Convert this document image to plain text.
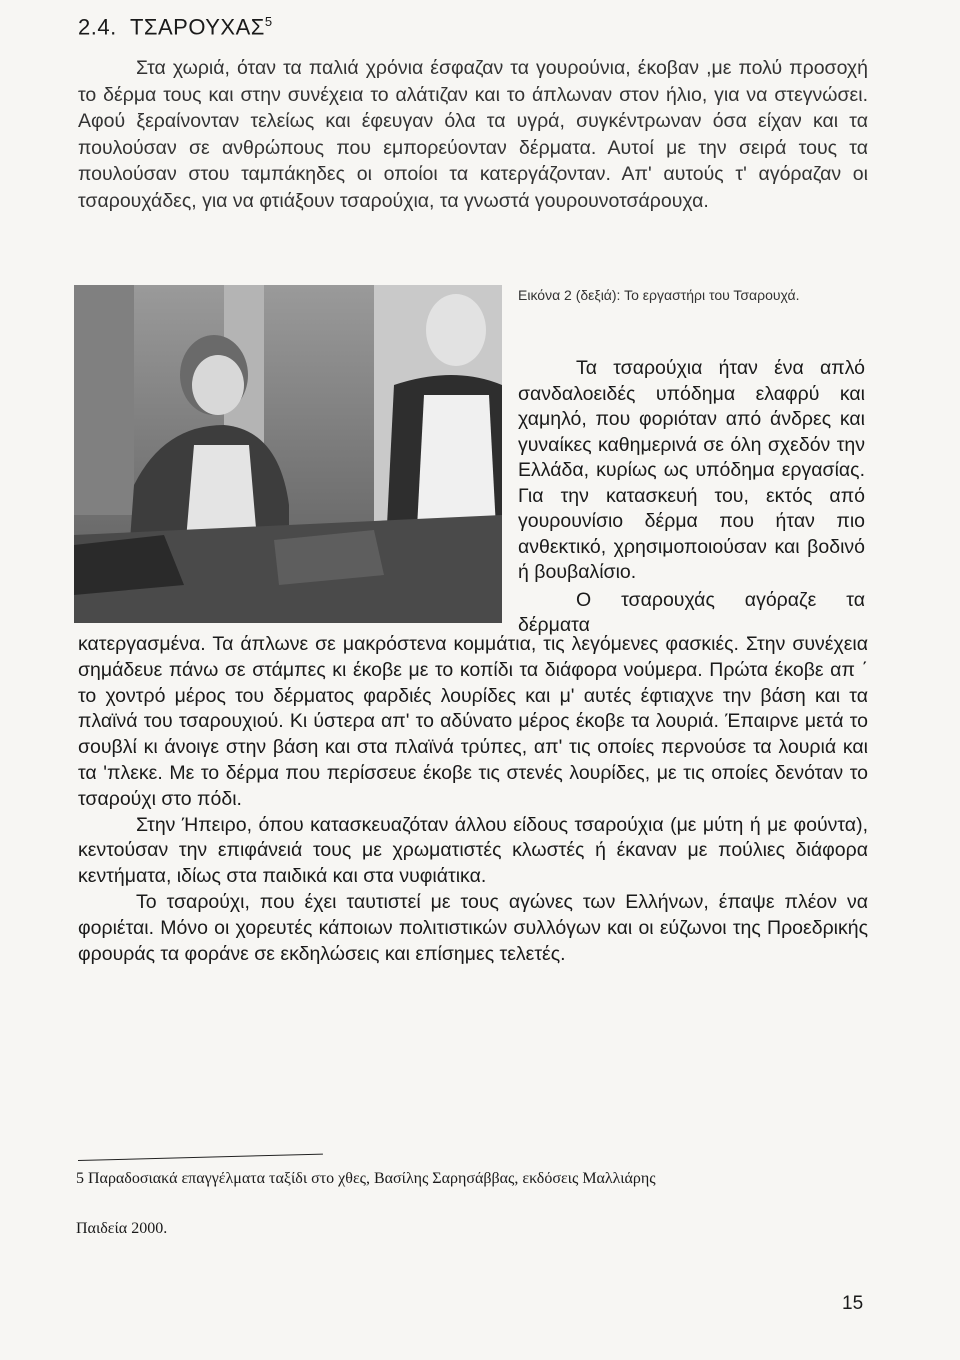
2.4. ΤΣΑΡΟΥΧΑΣ$^5$

Στα χωριά, όταν τα παλιά χρόνια έσφαζαν τα γουρούνια, έκοβαν ,με πολύ προσοχή το δέρμα τους και στην συνέχεια το αλάτιζαν και το άπλωναν στον ήλιο, για να στεγνώσει. Αφού ξεραίνονταν τελείως και έφευγαν όλα τα υγρά, συγκέντρωναν όσα είχαν και τα πουλούσαν σε ανθρώπους που εμπορεύονταν δέρματα. Αυτοί με την σειρά τους τα πουλούσαν στου ταμπάκηδες οι οποίοι τα κατεργάζονταν. Απ' αυτούς τ' αγόραζαν οι τσαρουχάδες, για να φτιάξουν τσαρούχια, τα γνωστά γουρουνοτσάρουχα.

Εικόνα 2 (δεξιά): Το εργαστήρι του Τσαρουχά.

Τα τσαρούχια ήταν ένα απλό σανδαλοειδές υπόδημα ελαφρύ και χαμηλό, που φοριόταν από άνδρες και γυναίκες καθημερινά σε όλη σχεδόν την Ελλάδα, κυρίως ως υπόδημα εργασίας. Για την κατασκευή του, εκτός από γουρουνίσιο δέρμα που ήταν πιο ανθεκτικό, χρησιμοποιούσαν και βοδινό ή βουβαλίσιο.

Ο τσαρουχάς αγόραζε τα δέρματα

κατεργασμένα. Τα άπλωνε σε μακρόστενα κομμάτια, τις λεγόμενες φασκιές. Στην συνέχεια σημάδευε πάνω σε στάμπες κι έκοβε με το κοπίδι τα διάφορα νούμερα. Πρώτα έκοβε απ ΄ το χοντρό μέρος του δέρματος φαρδιές λουρίδες και μ' αυτές έφτιαχνε την βάση και τα πλαϊνά του τσαρουχιού. Κι ύστερα απ' το αδύνατο μέρος έκοβε τα λουριά. Έπαιρνε μετά το σουβλί κι άνοιγε στην βάση και στα πλαϊνά τρύπες, απ' τις οποίες περνούσε τα λουριά και τα 'πλεκε. Με το δέρμα που περίσσευε έκοβε τις στενές λουρίδες, με τις οποίες δενόταν το τσαρούχι στο πόδι.

Στην Ήπειρο, όπου κατασκευαζόταν άλλου είδους τσαρούχια (με μύτη ή με φούντα), κεντούσαν την επιφάνειά τους με χρωματιστές κλωστές ή έκαναν με πούλιες διάφορα κεντήματα, ιδίως στα παιδικά και στα νυφιάτικα.

Το τσαρούχι, που έχει ταυτιστεί με τους αγώνες των Ελλήνων, έπαψε πλέον να φοριέται. Μόνο οι χορευτές κάποιων πολιτιστικών συλλόγων και οι εύζωνοι της Προεδρικής φρουράς τα φοράνε σε εκδηλώσεις και επίσημες τελετές.

5 Παραδοσιακά επαγγέλματα ταξίδι στο χθες, Βασίλης Σαρησάββας, εκδόσεις Μαλλιάρης
Παιδεία 2000.
15
